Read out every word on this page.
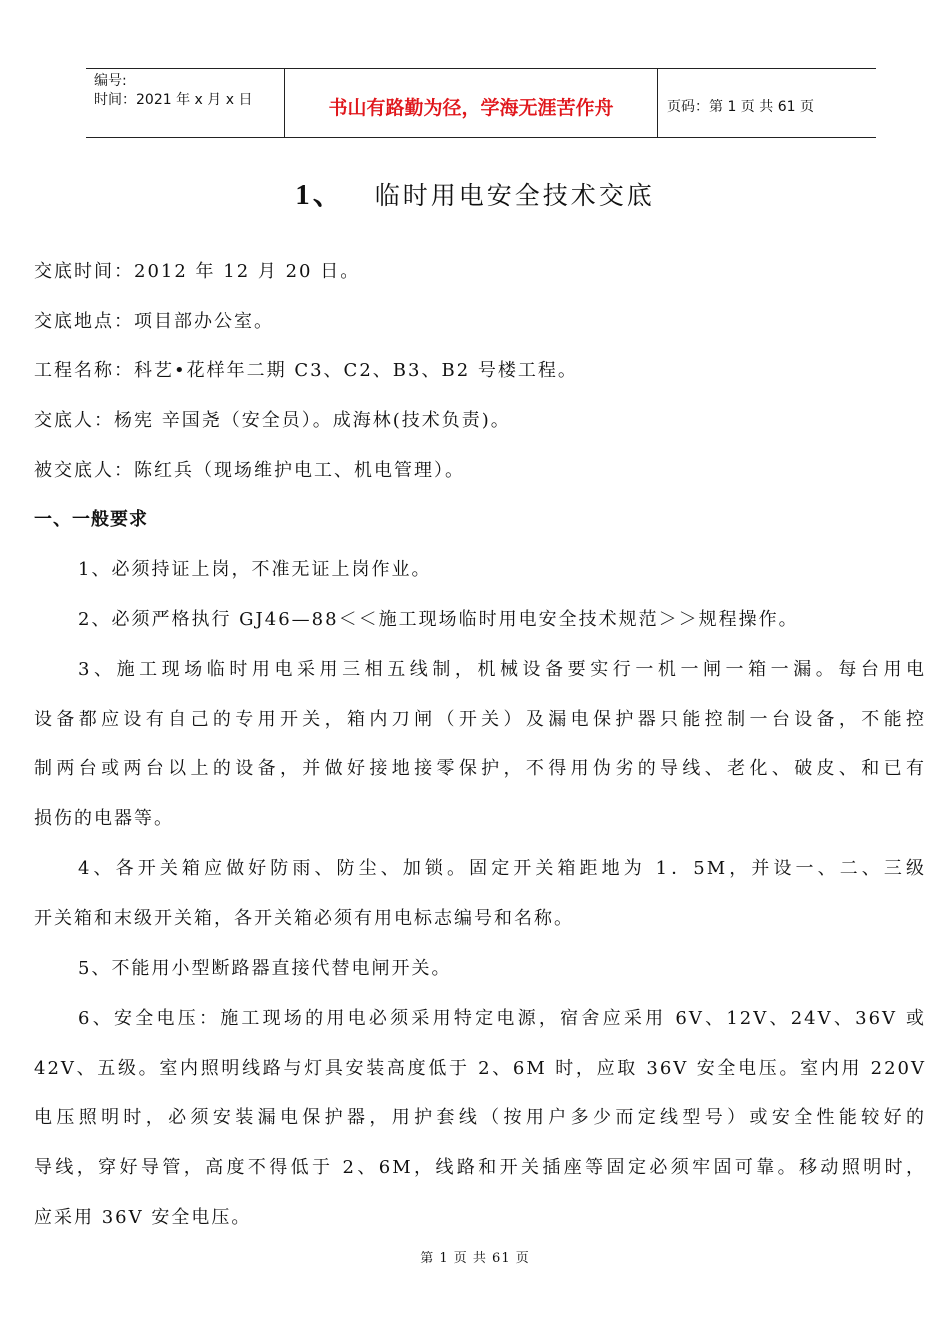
编号:
时间：2021 年 x 月 x 日	书山有路勤为径，学海无涯苦作舟	页码：第 1 页 共 61 页
1、 临时用电安全技术交底
交底时间：2012 年 12 月 20 日。
交底地点：项目部办公室。
工程名称：科艺•花样年二期 C3、C2、B3、B2 号楼工程。
交底人：杨宪 辛国尧（安全员）。成海林(技术负责)。
被交底人：陈红兵（现场维护电工、机电管理）。
一、一般要求
1、必须持证上岗，不准无证上岗作业。
2、必须严格执行 GJ46—88＜＜施工现场临时用电安全技术规范＞＞规程操作。
3、施工现场临时用电采用三相五线制，机械设备要实行一机一闸一箱一漏。每台用电
设备都应设有自己的专用开关，箱内刀闸（开关）及漏电保护器只能控制一台设备，不能控
制两台或两台以上的设备，并做好接地接零保护，不得用伪劣的导线、老化、破皮、和已有
损伤的电器等。
4、各开关箱应做好防雨、防尘、加锁。固定开关箱距地为 1．5M，并设一、二、三级
开关箱和末级开关箱，各开关箱必须有用电标志编号和名称。
5、不能用小型断路器直接代替电闸开关。
6、安全电压：施工现场的用电必须采用特定电源，宿舍应采用 6V、12V、24V、36V 或
42V、五级。室内照明线路与灯具安装高度低于 2、6M 时，应取 36V 安全电压。室内用 220V
电压照明时，必须安装漏电保护器，用护套线（按用户多少而定线型号）或安全性能较好的
导线，穿好导管，高度不得低于 2、6M，线路和开关插座等固定必须牢固可靠。移动照明时，
应采用 36V 安全电压。
第 1 页 共 61 页
